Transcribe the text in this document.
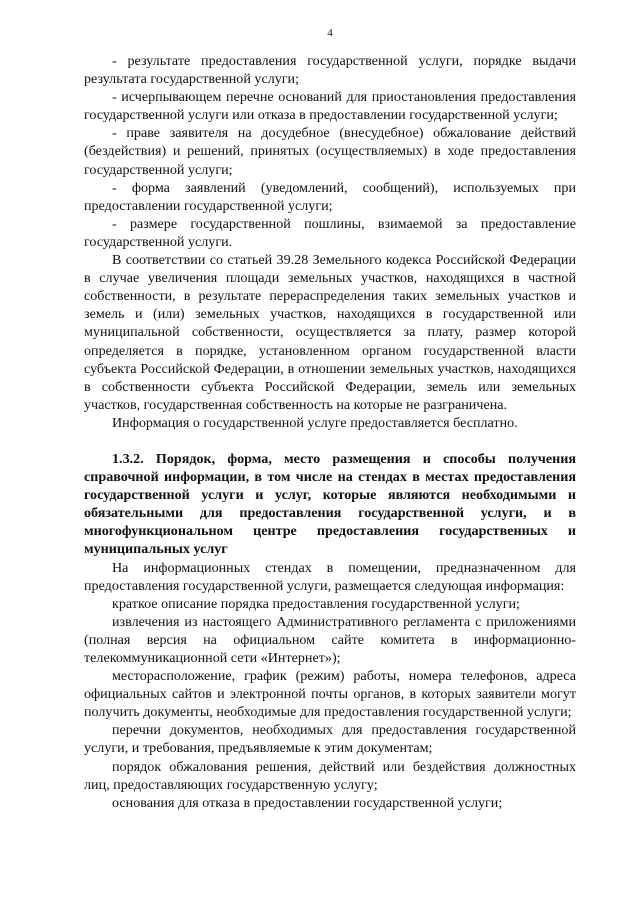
4

- результате предоставления государственной услуги, порядке выдачи результата государственной услуги;

- исчерпывающем перечне оснований для приостановления предоставления государственной услуги или отказа в предоставлении государственной услуги;

- праве заявителя на досудебное (внесудебное) обжалование действий (бездействия) и решений, принятых (осуществляемых) в ходе предоставления государственной услуги;

- форма заявлений (уведомлений, сообщений), используемых при предоставлении государственной услуги;

- размере государственной пошлины, взимаемой за предоставление государственной услуги.

В соответствии со статьей 39.28 Земельного кодекса Российской Федерации в случае увеличения площади земельных участков, находящихся в частной собственности, в результате перераспределения таких земельных участков и земель и (или) земельных участков, находящихся в государственной или муниципальной собственности, осуществляется за плату, размер которой определяется в порядке, установленном органом государственной власти субъекта Российской Федерации, в отношении земельных участков, находящихся в собственности субъекта Российской Федерации, земель или земельных участков, государственная собственность на которые не разграничена.

Информация о государственной услуге предоставляется бесплатно.

1.3.2. Порядок, форма, место размещения и способы получения справочной информации, в том числе на стендах в местах предоставления государственной услуги и услуг, которые являются необходимыми и обязательными для предоставления государственной услуги, и в многофункциональном центре предоставления государственных и муниципальных услуг

На информационных стендах в помещении, предназначенном для предоставления государственной услуги, размещается следующая информация:

краткое описание порядка предоставления государственной услуги;

извлечения из настоящего Административного регламента с приложениями (полная версия на официальном сайте комитета в информационно-телекоммуникационной сети «Интернет»);

месторасположение, график (режим) работы, номера телефонов, адреса официальных сайтов и электронной почты органов, в которых заявители могут получить документы, необходимые для предоставления государственной услуги;

перечни документов, необходимых для предоставления государственной услуги, и требования, предъявляемые к этим документам;

порядок обжалования решения, действий или бездействия должностных лиц, предоставляющих государственную услугу;

основания для отказа в предоставлении государственной услуги;
